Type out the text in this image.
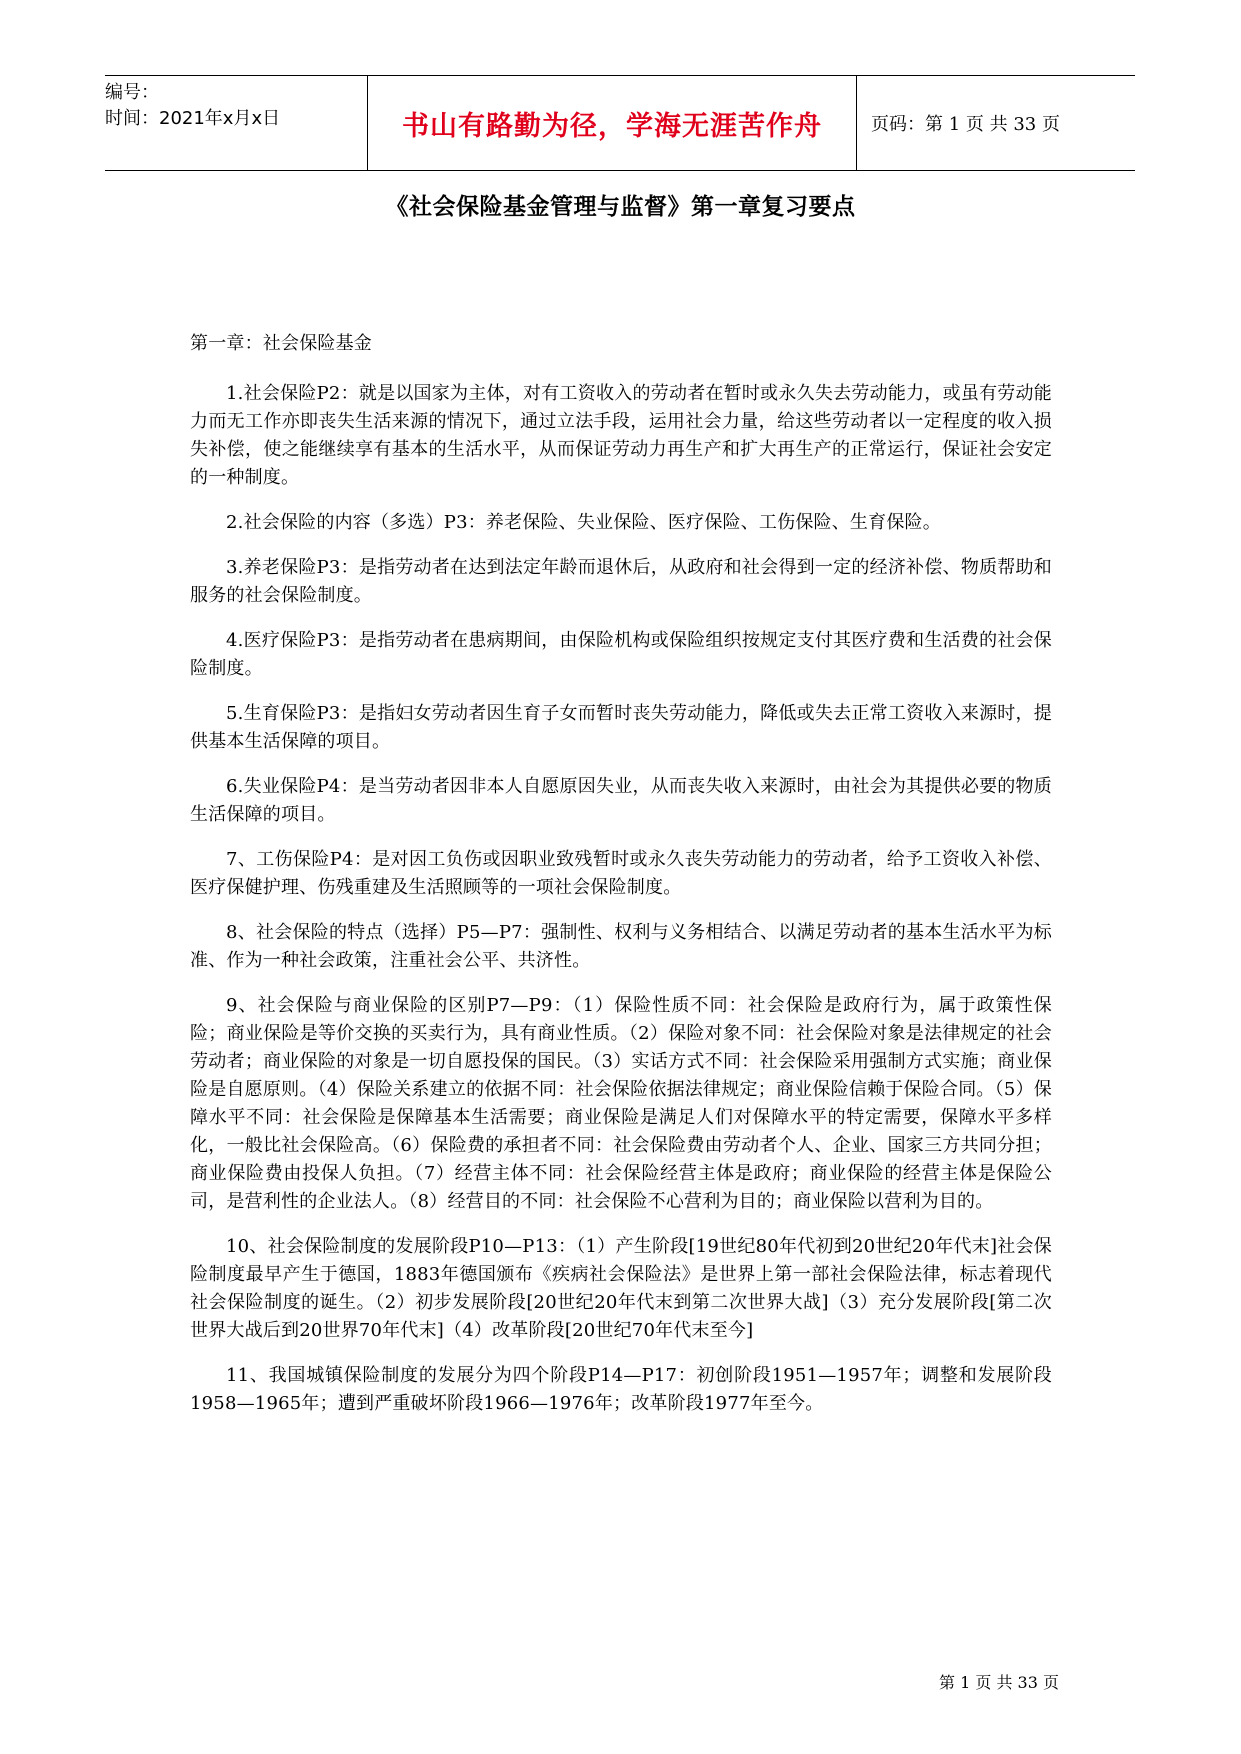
编号：
时间：2021年x月x日	书山有路勤为径，学海无涯苦作舟	页码：第 1 页 共 33 页
《社会保险基金管理与监督》第一章复习要点

第一章：社会保险基金

1.社会保险P2：就是以国家为主体，对有工资收入的劳动者在暂时或永久失去劳动能力，或虽有劳动能力而无工作亦即丧失生活来源的情况下，通过立法手段，运用社会力量，给这些劳动者以一定程度的收入损失补偿，使之能继续享有基本的生活水平，从而保证劳动力再生产和扩大再生产的正常运行，保证社会安定的一种制度。

2.社会保险的内容（多选）P3：养老保险、失业保险、医疗保险、工伤保险、生育保险。

3.养老保险P3：是指劳动者在达到法定年龄而退休后，从政府和社会得到一定的经济补偿、物质帮助和服务的社会保险制度。

4.医疗保险P3：是指劳动者在患病期间，由保险机构或保险组织按规定支付其医疗费和生活费的社会保险制度。

5.生育保险P3：是指妇女劳动者因生育子女而暂时丧失劳动能力，降低或失去正常工资收入来源时，提供基本生活保障的项目。

6.失业保险P4：是当劳动者因非本人自愿原因失业，从而丧失收入来源时，由社会为其提供必要的物质生活保障的项目。

7、工伤保险P4：是对因工负伤或因职业致残暂时或永久丧失劳动能力的劳动者，给予工资收入补偿、医疗保健护理、伤残重建及生活照顾等的一项社会保险制度。

8、社会保险的特点（选择）P5—P7：强制性、权利与义务相结合、以满足劳动者的基本生活水平为标准、作为一种社会政策，注重社会公平、共济性。

9、社会保险与商业保险的区别P7—P9：（1）保险性质不同：社会保险是政府行为，属于政策性保险；商业保险是等价交换的买卖行为，具有商业性质。（2）保险对象不同：社会保险对象是法律规定的社会劳动者；商业保险的对象是一切自愿投保的国民。（3）实话方式不同：社会保险采用强制方式实施；商业保险是自愿原则。（4）保险关系建立的依据不同：社会保险依据法律规定；商业保险信赖于保险合同。（5）保障水平不同：社会保险是保障基本生活需要；商业保险是满足人们对保障水平的特定需要，保障水平多样化，一般比社会保险高。（6）保险费的承担者不同：社会保险费由劳动者个人、企业、国家三方共同分担；商业保险费由投保人负担。（7）经营主体不同：社会保险经营主体是政府；商业保险的经营主体是保险公司，是营利性的企业法人。（8）经营目的不同：社会保险不心营利为目的；商业保险以营利为目的。

10、社会保险制度的发展阶段P10—P13：（1）产生阶段[19世纪80年代初到20世纪20年代末]社会保险制度最早产生于德国，1883年德国颁布《疾病社会保险法》是世界上第一部社会保险法律，标志着现代社会保险制度的诞生。（2）初步发展阶段[20世纪20年代末到第二次世界大战]（3）充分发展阶段[第二次世界大战后到20世界70年代末]（4）改革阶段[20世纪70年代末至今]

11、我国城镇保险制度的发展分为四个阶段P14—P17：初创阶段1951—1957年；调整和发展阶段1958—1965年；遭到严重破坏阶段1966—1976年；改革阶段1977年至今。

第 1 页 共 33 页
